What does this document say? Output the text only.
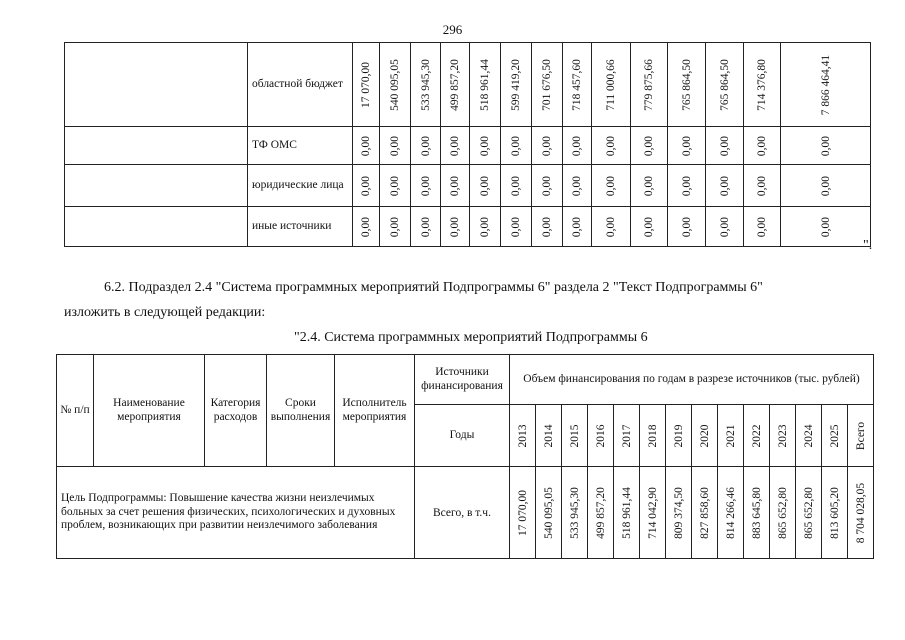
296
	областной бюджет	17 070,00	540 095,05	533 945,30	499 857,20	518 961,44	599 419,20	701 676,50	718 457,60	711 000,66	779 875,66	765 864,50	765 864,50	714 376,80	7 866 464,41

	ТФ ОМС	0,00	0,00	0,00	0,00	0,00	0,00	0,00	0,00	0,00	0,00	0,00	0,00	0,00	0,00

	юридические лица	0,00	0,00	0,00	0,00	0,00	0,00	0,00	0,00	0,00	0,00	0,00	0,00	0,00	0,00

	иные источники	0,00	0,00	0,00	0,00	0,00	0,00	0,00	0,00	0,00	0,00	0,00	0,00	0,00	0,00
".
6.2. Подраздел 2.4 "Система программных мероприятий Подпрограммы 6" раздела 2 "Текст Подпрограммы 6"
изложить в следующей редакции:
"2.4. Система программных мероприятий Подпрограммы 6
№ п/п	Наименование мероприятия	Категория расходов	Сроки выполнения	Исполнитель мероприятия	Источники финансирования	Объем финансирования по годам в разрезе источников (тыс. рублей)													
					Годы	2013	2014	2015	2016	2017	2018	2019	2020	2021	2022	2023	2024	2025	Всего

Цель Подпрограммы: Повышение качества жизни неизлечимых больных за счет решения физических, психологических и духовных проблем, возникающих при развитии неизлечимого заболевания					Всего, в т.ч.	17 070,00	540 095,05	533 945,30	499 857,20	518 961,44	714 042,90	809 374,50	827 858,60	814 266,46	883 645,80	865 652,80	865 652,80	813 605,20	8 704 028,05
